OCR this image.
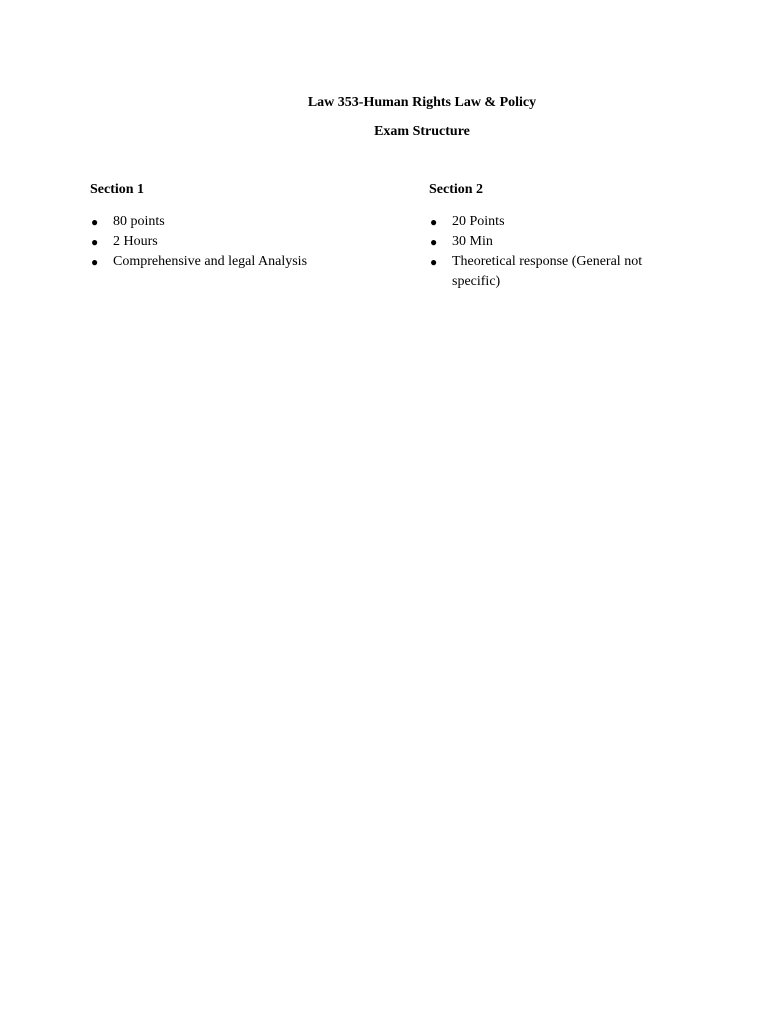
Law 353-Human Rights Law & Policy

Exam Structure

Section 1

● 80 points
● 2 Hours
● Comprehensive and legal Analysis

Section 2

● 20 Points
● 30 Min
● Theoretical response (General not specific)
